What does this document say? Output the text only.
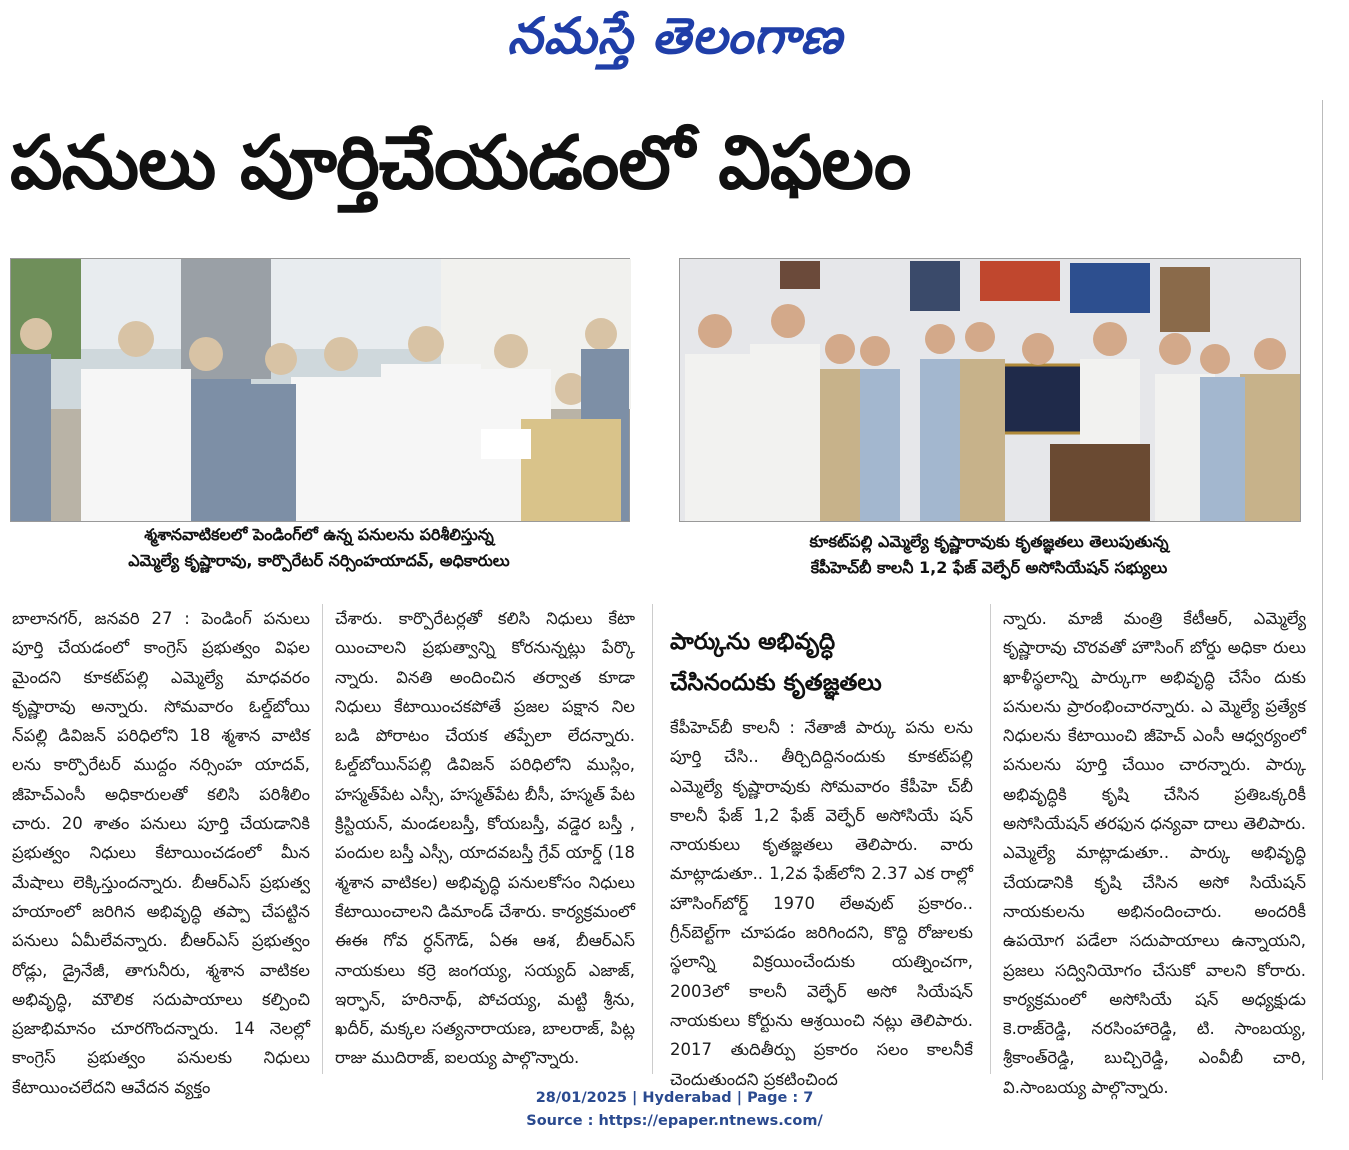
నమస్తే తెలంగాణ
పనులు పూర్తిచేయడంలో విఫలం
శ్మశానవాటికలలో పెండింగ్‌లో ఉన్న పనులను పరిశీలిస్తున్న
ఎమ్మెల్యే కృష్ణారావు, కార్పొరేటర్ నర్సింహయాదవ్, అధికారులు
కూకట్‌పల్లి ఎమ్మెల్యే కృష్ణారావుకు కృతజ్ఞతలు తెలుపుతున్న
కేపీహెచ్‌బీ కాలనీ 1,2 ఫేజ్ వెల్ఫేర్ అసోసియేషన్ సభ్యులు

బాలానగర్, జనవరి 27 : పెండింగ్ పనులు పూర్తి చేయడంలో కాంగ్రెస్ ప్రభుత్వం విఫల మైందని కూకట్‌పల్లి ఎమ్మెల్యే మాధవరం కృష్ణారావు అన్నారు. సోమవారం ఓల్డ్‌బోయి న్‌పల్లి డివిజన్ పరిధిలోని 18 శ్మశాన వాటిక లను కార్పొరేటర్ ముద్దం నర్సింహ యాదవ్, జీహెచ్‌ఎంసీ అధికారులతో కలిసి పరిశీలిం చారు. 20 శాతం పనులు పూర్తి చేయడానికి ప్రభుత్వం నిధులు కేటాయించడంలో మీన మేషాలు లెక్కిస్తుందన్నారు. బీఆర్‌ఎస్ ప్రభుత్వ హయాంలో జరిగిన అభివృద్ధి తప్పా చేపట్టిన పనులు ఏమీలేవన్నారు. బీఆర్‌ఎస్ ప్రభుత్వం రోడ్లు, డ్రైనేజీ, తాగునీరు, శ్మశాన వాటికల అభివృద్ధి, మౌలిక సదుపాయాలు కల్పించి ప్రజాభిమానం చూరగొందన్నారు. 14 నెలల్లో కాంగ్రెస్ ప్రభుత్వం పనులకు నిధులు కేటాయించలేదని ఆవేదన వ్యక్తం

చేశారు. కార్పొరేటర్లతో కలిసి నిధులు కేటా యించాలని ప్రభుత్వాన్ని కోరనున్నట్లు పేర్కొ న్నారు. వినతి అందించిన తర్వాత కూడా నిధులు కేటాయించకపోతే ప్రజల పక్షాన నిల బడి పోరాటం చేయక తప్పేలా లేదన్నారు. ఓల్డ్‌బోయిన్‌పల్లి డివిజన్ పరిధిలోని ముస్లిం, హస్మత్‌పేట ఎస్సీ, హస్మత్‌పేట బీసీ, హస్మత్ పేట క్రిస్టియన్, మండలబస్తీ, కోయబస్తీ, వడ్డెర బస్తీ , పందుల బస్తీ ఎస్సీ, యాదవబస్తీ గ్రేవ్ యార్డ్ (18 శ్మశాన వాటికల) అభివృద్ధి పనులకోసం నిధులు కేటాయించాలని డిమాండ్ చేశారు. కార్యక్రమంలో ఈఈ గోవ ర్ధన్‌గౌడ్, ఏఈ ఆశ, బీఆర్‌ఎస్ నాయకులు కర్రె జంగయ్య, సయ్యద్ ఎజాజ్, ఇర్ఫాన్, హరినాథ్, పోచయ్య, మట్టి శ్రీను, ఖదీర్, మక్కల సత్యనారాయణ, బాలరాజ్, పిట్ల రాజు ముదిరాజ్, ఐలయ్య పాల్గొన్నారు.

పార్కును అభివృద్ధి
చేసినందుకు కృతజ్ఞతలు

కేపీహెచ్‌బీ కాలనీ : నేతాజీ పార్కు పను లను పూర్తి చేసి.. తీర్చిదిద్దినందుకు కూకట్‌పల్లి ఎమ్మెల్యే కృష్ణారావుకు సోమవారం కేపీహె చ్‌బీ కాలనీ ఫేజ్ 1,2 ఫేజ్ వెల్ఫేర్ అసోసియే షన్ నాయకులు కృతజ్ఞతలు తెలిపారు. వారు మాట్లాడుతూ.. 1,2వ ఫేజ్‌లోని 2.37 ఎక రాల్లో హౌసింగ్‌బోర్డ్ 1970 లేఅవుట్ ప్రకారం.. గ్రీన్‌బెల్ట్‌గా చూపడం జరిగిందని, కొద్ది రోజులకు స్థలాన్ని విక్రయించేందుకు యత్నించగా, 2003లో కాలనీ వెల్ఫేర్ అసో సియేషన్ నాయకులు కోర్టును ఆశ్రయించి నట్లు తెలిపారు. 2017 తుదితీర్పు ప్రకారం సలం కాలనీకే చెందుతుందని ప్రకటించింద

న్నారు. మాజీ మంత్రి కేటీఆర్, ఎమ్మెల్యే కృష్ణారావు చొరవతో హౌసింగ్ బోర్డు అధికా రులు ఖాళీస్థలాన్ని పార్కుగా అభివృద్ధి చేసేం దుకు పనులను ప్రారంభించారన్నారు. ఎ మ్మెల్యే ప్రత్యేక నిధులను కేటాయించి జీహెచ్ ఎంసీ ఆధ్వర్యంలో పనులను పూర్తి చేయిం చారన్నారు. పార్కు అభివృద్ధికి కృషి చేసిన ప్రతిఒక్కరికీ అసోసియేషన్ తరఫున ధన్యవా దాలు తెలిపారు. ఎమ్మెల్యే మాట్లాడుతూ.. పార్కు అభివృద్ధి చేయడానికి కృషి చేసిన అసో సియేషన్ నాయకులను అభినందించారు. అందరికీ ఉపయోగ పడేలా సదుపాయాలు ఉన్నాయని, ప్రజలు సద్వినియోగం చేసుకో వాలని కోరారు. కార్యక్రమంలో అసోసియే షన్ అధ్యక్షుడు కె.రాజ్‌రెడ్డి, నరసింహారెడ్డి, టి. సాంబయ్య, శ్రీకాంత్‌రెడ్డి, బుచ్చిరెడ్డి, ఎంవీబీ చారి, వి.సాంబయ్య పాల్గొన్నారు.

28/01/2025 | Hyderabad | Page : 7
Source : https://epaper.ntnews.com/
